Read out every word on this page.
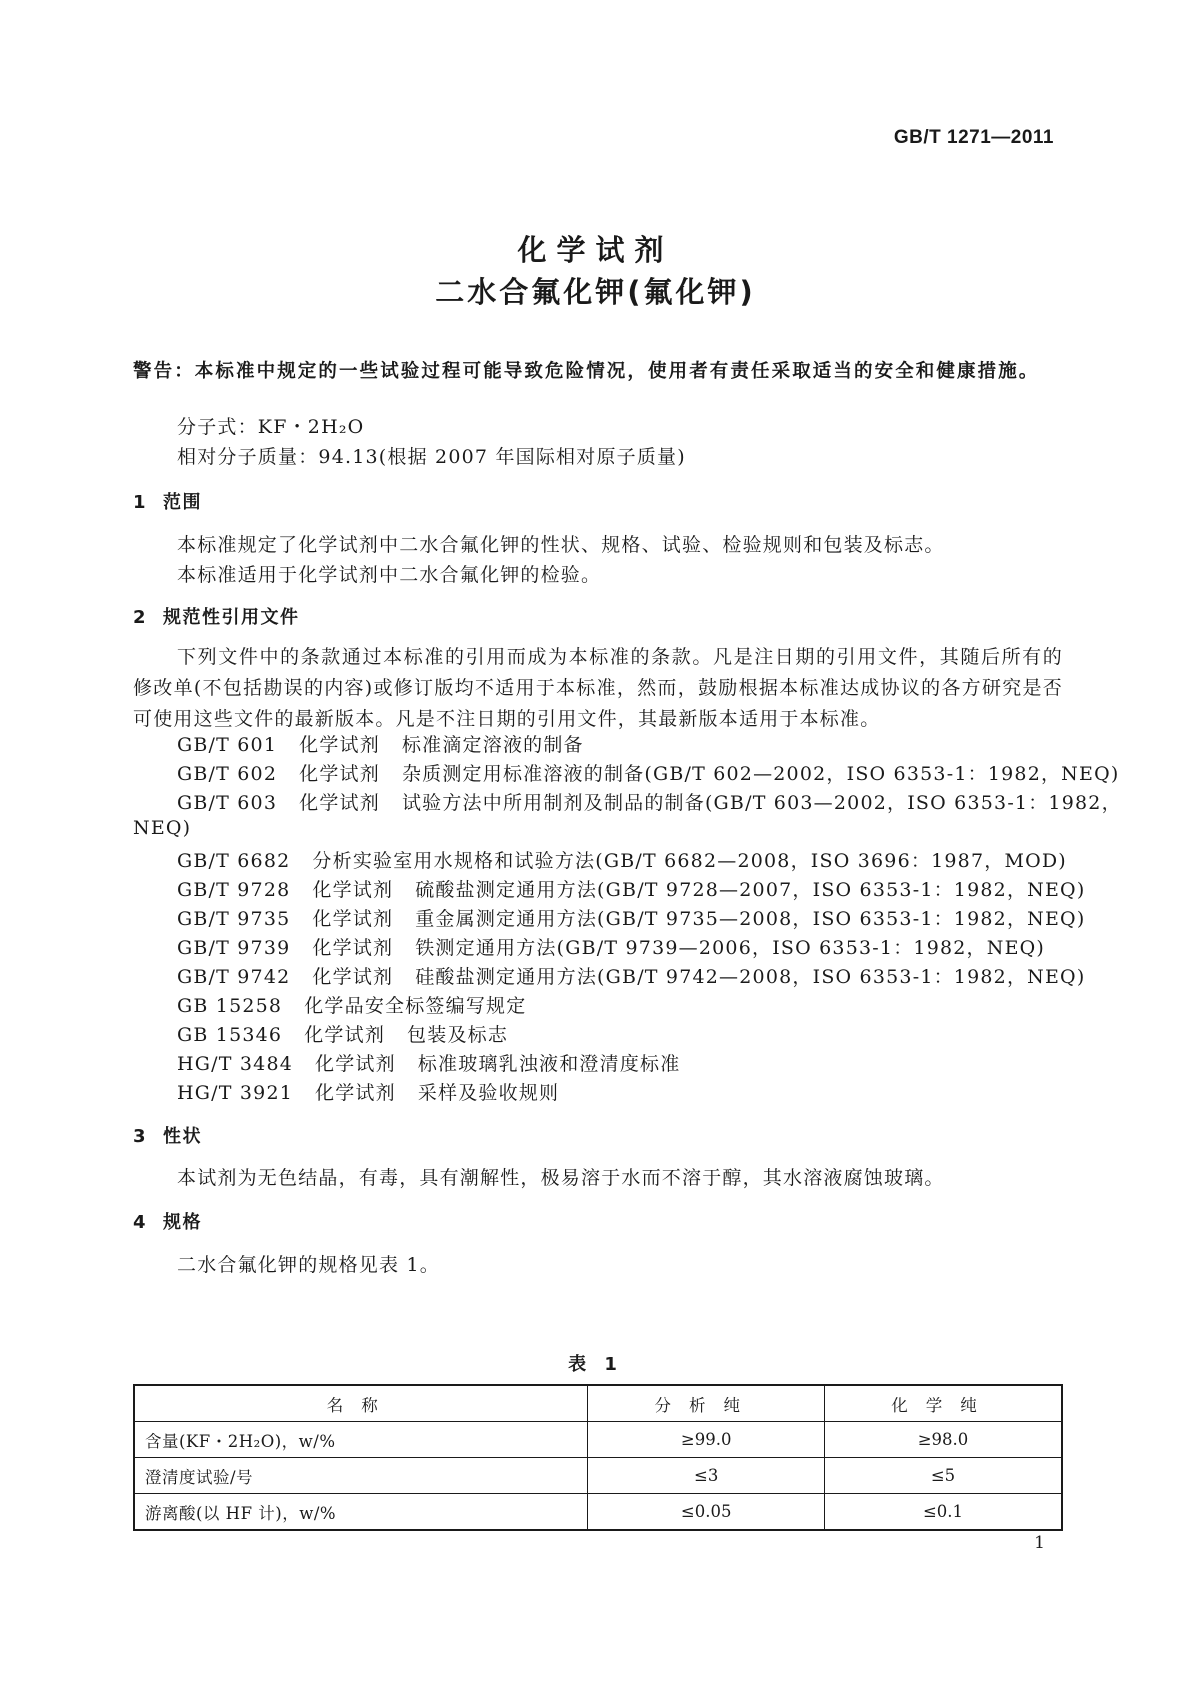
GB/T 1271—2011
化学试剂
二水合氟化钾(氟化钾)
警告：本标准中规定的一些试验过程可能导致危险情况，使用者有责任采取适当的安全和健康措施。
分子式：KF・2H₂O
相对分子质量：94.13(根据 2007 年国际相对原子质量)
1 范围
本标准规定了化学试剂中二水合氟化钾的性状、规格、试验、检验规则和包装及标志。
本标准适用于化学试剂中二水合氟化钾的检验。
2 规范性引用文件
下列文件中的条款通过本标准的引用而成为本标准的条款。凡是注日期的引用文件，其随后所有的修改单(不包括勘误的内容)或修订版均不适用于本标准，然而，鼓励根据本标准达成协议的各方研究是否可使用这些文件的最新版本。凡是不注日期的引用文件，其最新版本适用于本标准。
GB/T 601 化学试剂 标准滴定溶液的制备
GB/T 602 化学试剂 杂质测定用标准溶液的制备(GB/T 602—2002，ISO 6353-1：1982，NEQ)
GB/T 603 化学试剂 试验方法中所用制剂及制品的制备(GB/T 603—2002，ISO 6353-1：1982，
NEQ)
GB/T 6682 分析实验室用水规格和试验方法(GB/T 6682—2008，ISO 3696：1987，MOD)
GB/T 9728 化学试剂 硫酸盐测定通用方法(GB/T 9728—2007，ISO 6353-1：1982，NEQ)
GB/T 9735 化学试剂 重金属测定通用方法(GB/T 9735—2008，ISO 6353-1：1982，NEQ)
GB/T 9739 化学试剂 铁测定通用方法(GB/T 9739—2006，ISO 6353-1：1982，NEQ)
GB/T 9742 化学试剂 硅酸盐测定通用方法(GB/T 9742—2008，ISO 6353-1：1982，NEQ)
GB 15258 化学品安全标签编写规定
GB 15346 化学试剂 包装及标志
HG/T 3484 化学试剂 标准玻璃乳浊液和澄清度标准
HG/T 3921 化学试剂 采样及验收规则
3 性状
本试剂为无色结晶，有毒，具有潮解性，极易溶于水而不溶于醇，其水溶液腐蚀玻璃。
4 规格
二水合氟化钾的规格见表 1。
表 1
名称	分析纯	化学纯
含量(KF・2H₂O)，w/%	≥99.0	≥98.0
澄清度试验/号	≤3	≤5
游离酸(以 HF 计)，w/%	≤0.05	≤0.1
1
